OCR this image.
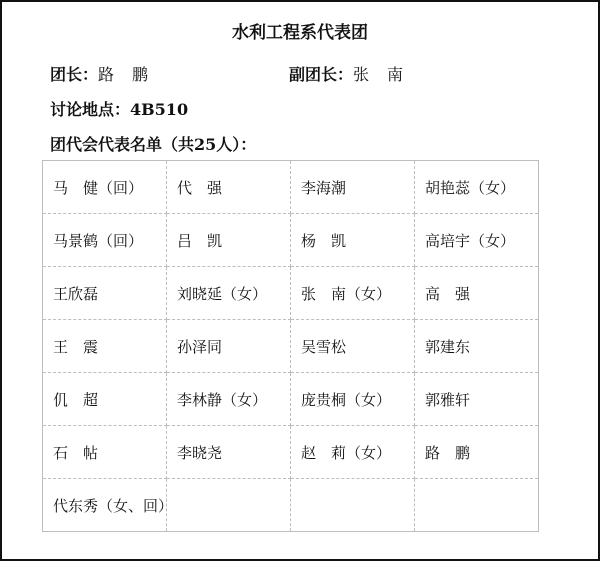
水利工程系代表团
团长：路　鹏	副团长：张　南
讨论地点：4B510
团代会代表名单（共25人）：
马　健（回）	代　强	李海潮	胡艳蕊（女）
马景鹤（回）	吕　凯	杨　凯	高培宇（女）
王欣磊	刘晓延（女）	张　南（女）	高　强
王　震	孙泽同	吴雪松	郭建东
仉　超	李林静（女）	庞贵桐（女）	郭雅轩
石　帖	李晓尧	赵　莉（女）	路　鹏
代东秀（女、回）			
